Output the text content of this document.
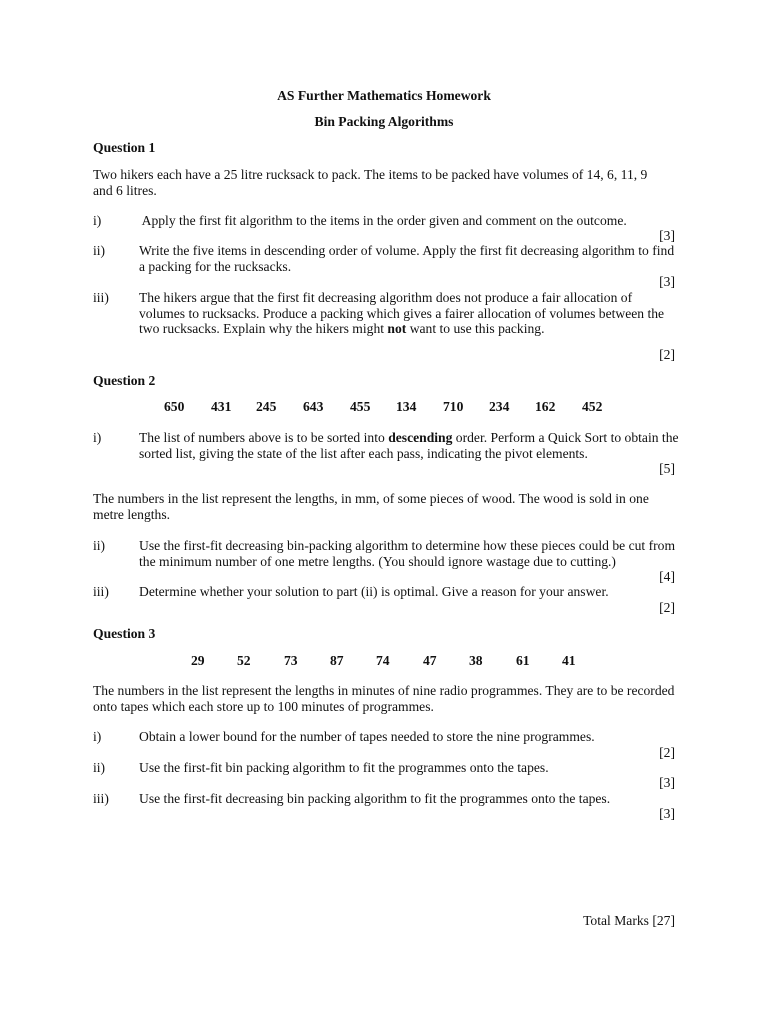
AS Further Mathematics Homework
Bin Packing Algorithms
Question 1
Two hikers each have a 25 litre rucksack to pack. The items to be packed have volumes of 14, 6, 11, 9 and 6 litres.
i)	Apply the first fit algorithm to the items in the order given and comment on the outcome.
[3]
ii)	Write the five items in descending order of volume. Apply the first fit decreasing algorithm to find a packing for the rucksacks.
[3]
iii)	The hikers argue that the first fit decreasing algorithm does not produce a fair allocation of volumes to rucksacks. Produce a packing which gives a fairer allocation of volumes between the two rucksacks. Explain why the hikers might not want to use this packing.
[2]
Question 2
650 431 245 643 455 134 710 234 162 452
i)	The list of numbers above is to be sorted into descending order. Perform a Quick Sort to obtain the sorted list, giving the state of the list after each pass, indicating the pivot elements.
[5]
The numbers in the list represent the lengths, in mm, of some pieces of wood. The wood is sold in one metre lengths.
ii)	Use the first-fit decreasing bin-packing algorithm to determine how these pieces could be cut from the minimum number of one metre lengths. (You should ignore wastage due to cutting.)
[4]
iii)	Determine whether your solution to part (ii) is optimal. Give a reason for your answer.
[2]
Question 3
29 52 73 87 74 47 38 61 41
The numbers in the list represent the lengths in minutes of nine radio programmes. They are to be recorded onto tapes which each store up to 100 minutes of programmes.
i)	Obtain a lower bound for the number of tapes needed to store the nine programmes.
[2]
ii)	Use the first-fit bin packing algorithm to fit the programmes onto the tapes.
[3]
iii)	Use the first-fit decreasing bin packing algorithm to fit the programmes onto the tapes.
[3]
Total Marks [27]
